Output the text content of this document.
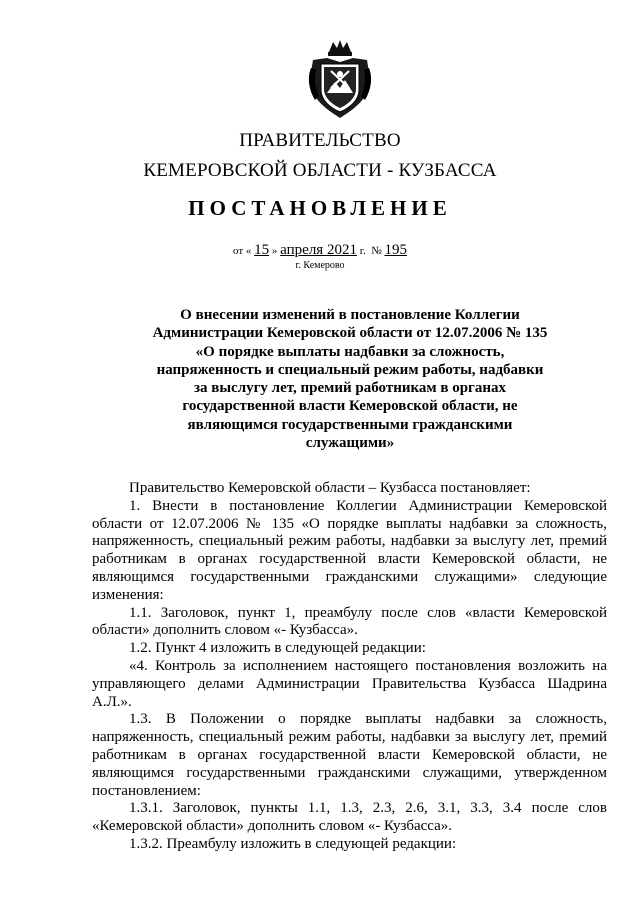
ПРАВИТЕЛЬСТВО
КЕМЕРОВСКОЙ ОБЛАСТИ - КУЗБАССА
ПОСТАНОВЛЕНИЕ
от « 15 » апреля 2021 г. № 195
г. Кемерово
О внесении изменений в постановление Коллегии Администрации Кемеровской области от 12.07.2006 № 135 «О порядке выплаты надбавки за сложность, напряженность и специальный режим работы, надбавки за выслугу лет, премий работникам в органах государственной власти Кемеровской области, не являющимся государственными гражданскими служащими»

Правительство Кемеровской области – Кузбасса постановляет:

1. Внести в постановление Коллегии Администрации Кемеровской области от 12.07.2006 № 135 «О порядке выплаты надбавки за сложность, напряженность, специальный режим работы, надбавки за выслугу лет, премий работникам в органах государственной власти Кемеровской области, не являющимся государственными гражданскими служащими» следующие изменения:

1.1. Заголовок, пункт 1, преамбулу после слов «власти Кемеровской области» дополнить словом «- Кузбасса».

1.2. Пункт 4 изложить в следующей редакции:

«4. Контроль за исполнением настоящего постановления возложить на управляющего делами Администрации Правительства Кузбасса Шадрина А.Л.».

1.3. В Положении о порядке выплаты надбавки за сложность, напряженность, специальный режим работы, надбавки за выслугу лет, премий работникам в органах государственной власти Кемеровской области, не являющимся государственными гражданскими служащими, утвержденном постановлением:

1.3.1. Заголовок, пункты 1.1, 1.3, 2.3, 2.6, 3.1, 3.3, 3.4 после слов «Кемеровской области» дополнить словом «- Кузбасса».

1.3.2. Преамбулу изложить в следующей редакции:
